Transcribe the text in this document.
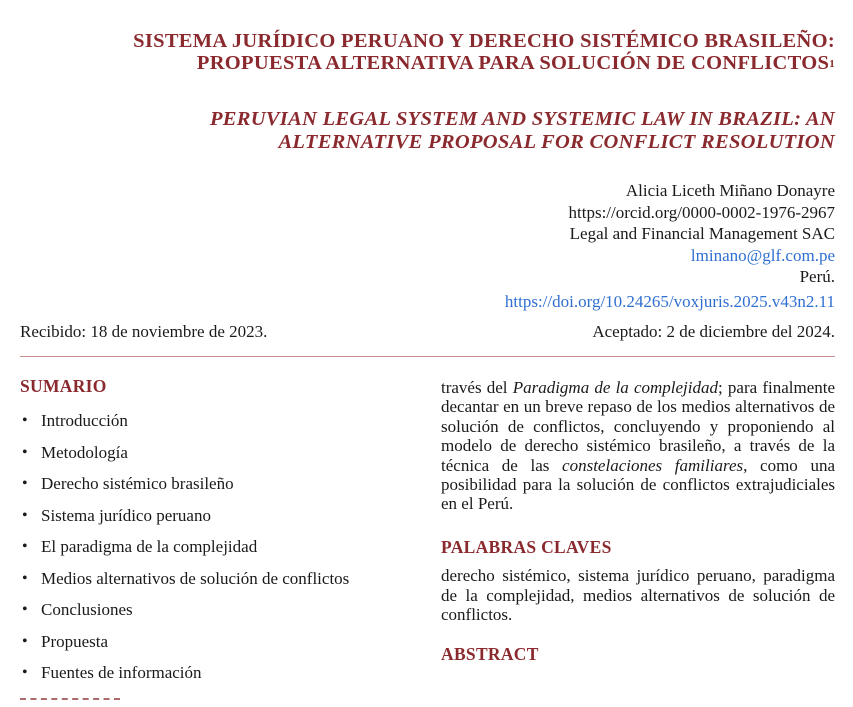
SISTEMA JURÍDICO PERUANO Y DERECHO SISTÉMICO BRASILEÑO:
PROPUESTA ALTERNATIVA PARA SOLUCIÓN DE CONFLICTOS$^1$
PERUVIAN LEGAL SYSTEM AND SYSTEMIC LAW IN BRAZIL: AN
ALTERNATIVE PROPOSAL FOR CONFLICT RESOLUTION
Alicia Liceth Miñano Donayre
https://orcid.org/0000-0002-1976-2967
Legal and Financial Management SAC
lminano@glf.com.pe
Perú.
https://doi.org/10.24265/voxjuris.2025.v43n2.11
Recibido: 18 de noviembre de 2023.	Aceptado: 2 de diciembre del 2024.
SUMARIO
• Introducción
• Metodología
• Derecho sistémico brasileño
• Sistema jurídico peruano
• El paradigma de la complejidad
• Medios alternativos de solución de conflictos
• Conclusiones
• Propuesta
• Fuentes de información

través del Paradigma de la complejidad; para finalmente decantar en un breve repaso de los medios alternativos de solución de conflictos, concluyendo y proponiendo al modelo de derecho sistémico brasileño, a través de la técnica de las constelaciones familiares, como una posibilidad para la solución de conflictos extrajudiciales en el Perú.

PALABRAS CLAVES

derecho sistémico, sistema jurídico peruano, paradigma de la complejidad, medios alternativos de solución de conflictos.

ABSTRACT
